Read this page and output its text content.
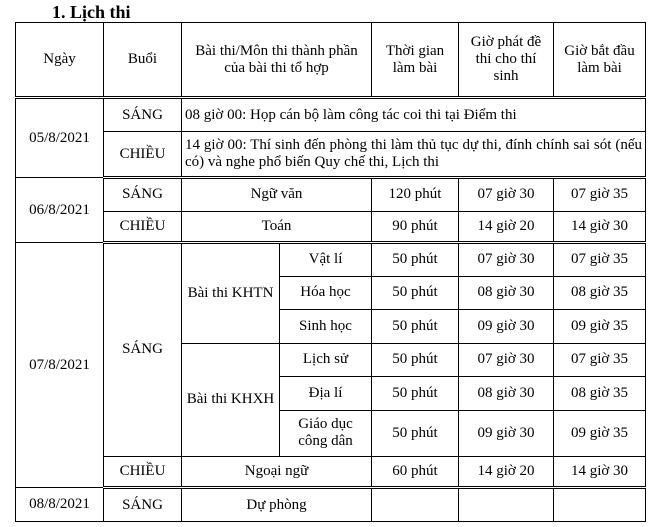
1. Lịch thi
Ngày	Buổi	Bài thi/Môn thi thành phần của bài thi tổ hợp		Thời gian làm bài	Giờ phát đề thi cho thí sinh	Giờ bắt đầu làm bài
05/8/2021	SÁNG	08 giờ 00: Họp cán bộ làm công tác coi thi tại Điểm thi				
	CHIỀU	14 giờ 00: Thí sinh đến phòng thi làm thủ tục dự thi, đính chính sai sót (nếu có) và nghe phổ biến Quy chế thi, Lịch thi				
06/8/2021	SÁNG	Ngữ văn		120 phút	07 giờ 30	07 giờ 35
	CHIỀU	Toán		90 phút	14 giờ 20	14 giờ 30
07/8/2021	SÁNG	Bài thi KHTN	Vật lí	50 phút	07 giờ 30	07 giờ 35
			Hóa học	50 phút	08 giờ 30	08 giờ 35
			Sinh học	50 phút	09 giờ 30	09 giờ 35
		Bài thi KHXH	Lịch sử	50 phút	07 giờ 30	07 giờ 35
			Địa lí	50 phút	08 giờ 30	08 giờ 35
			Giáo dục công dân	50 phút	09 giờ 30	09 giờ 35
	CHIỀU	Ngoại ngữ		60 phút	14 giờ 20	14 giờ 30
08/8/2021	SÁNG	Dự phòng				
